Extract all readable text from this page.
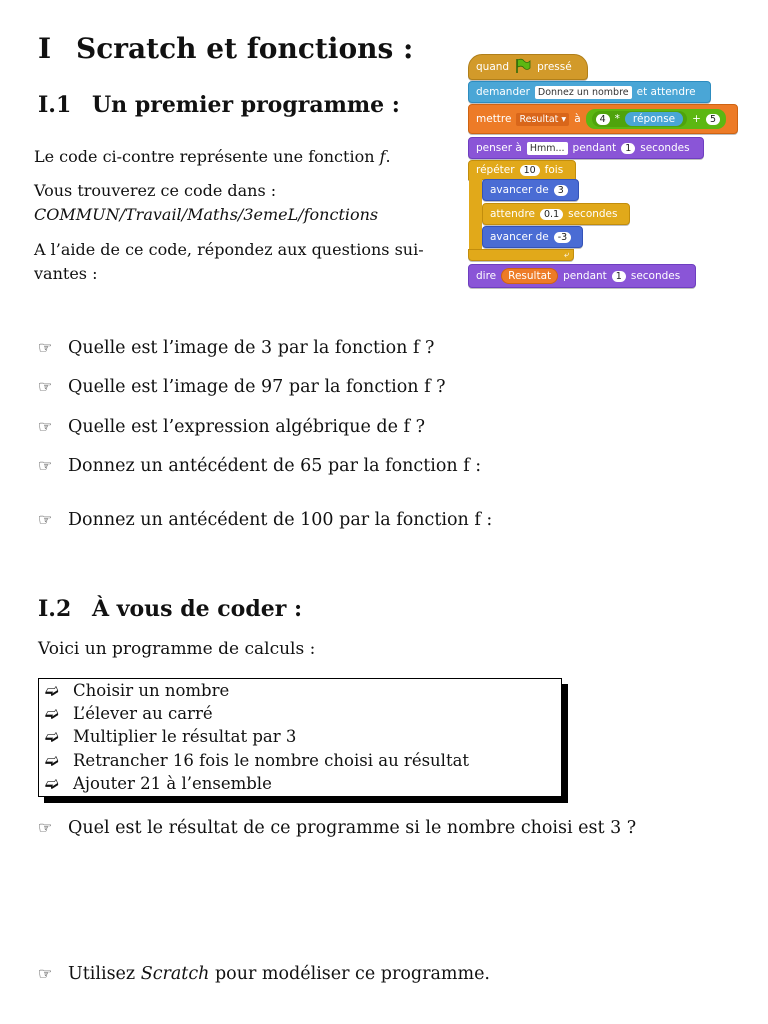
I Scratch et fonctions :
I.1 Un premier programme :
Le code ci-contre représente une fonction f.
Vous trouverez ce code dans :
COMMUN/Travail/Maths/3emeL/fonctions
A l’aide de ce code, répondez aux questions sui-
vantes :
quand	pressé
demander Donnez un nombre et attendre
mettre Resultat ▾ à	4 *	réponse	+ 5
penser à Hmm... pendant 1 secondes
répéter 10 fois
avancer de 3
attendre 0.1 secondes
avancer de -3
⤶
dire	Resultat	pendant 1 secondes
☞ Quelle est l’image de 3 par la fonction f ?
☞ Quelle est l’image de 97 par la fonction f ?
☞ Quelle est l’expression algébrique de f ?
☞ Donnez un antécédent de 65 par la fonction f :
☞ Donnez un antécédent de 100 par la fonction f :
I.2 À vous de coder :
Voici un programme de calculs :
➫ Choisir un nombre
➫ L’élever au carré
➫ Multiplier le résultat par 3
➫ Retrancher 16 fois le nombre choisi au résultat
➫ Ajouter 21 à l’ensemble
☞ Quel est le résultat de ce programme si le nombre choisi est 3 ?
☞ Utilisez Scratch pour modéliser ce programme.
